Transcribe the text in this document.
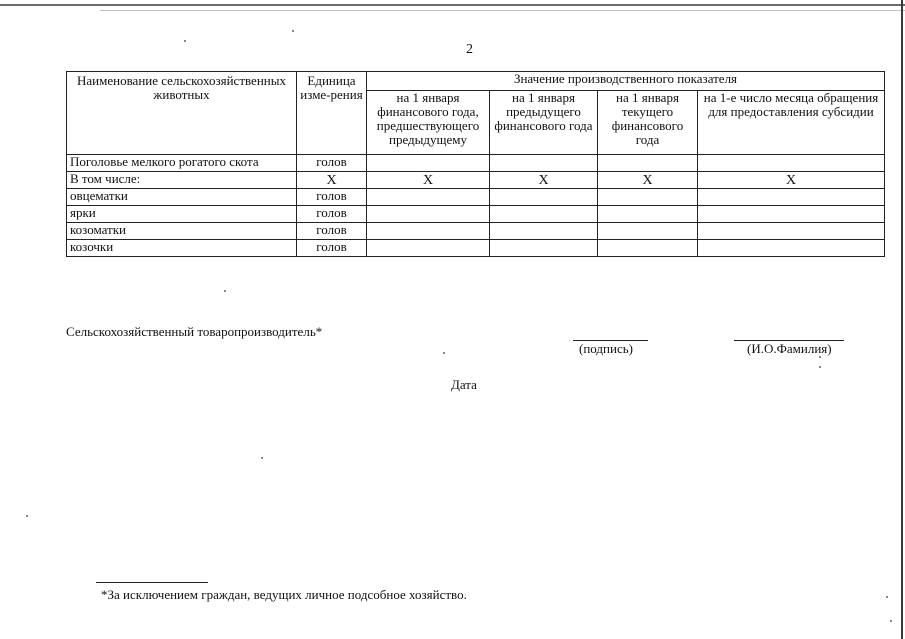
2
Наименование сельскохозяйственных животных	Единица изме-рения	Значение производственного показателя			
		на 1 января финансового года, предшествующего предыдущему	на 1 января предыдущего финансового года	на 1 января текущего финансового года	на 1-е число месяца обращения для предоставления субсидии
Поголовье мелкого рогатого скота	голов				
В том числе:	X	X	X	X	X
овцематки	голов				
ярки	голов				
козоматки	голов				
козочки	голов				
Сельскохозяйственный товаропроизводитель*
(подпись)	(И.О.Фамилия)
Дата
*За исключением граждан, ведущих личное подсобное хозяйство.
